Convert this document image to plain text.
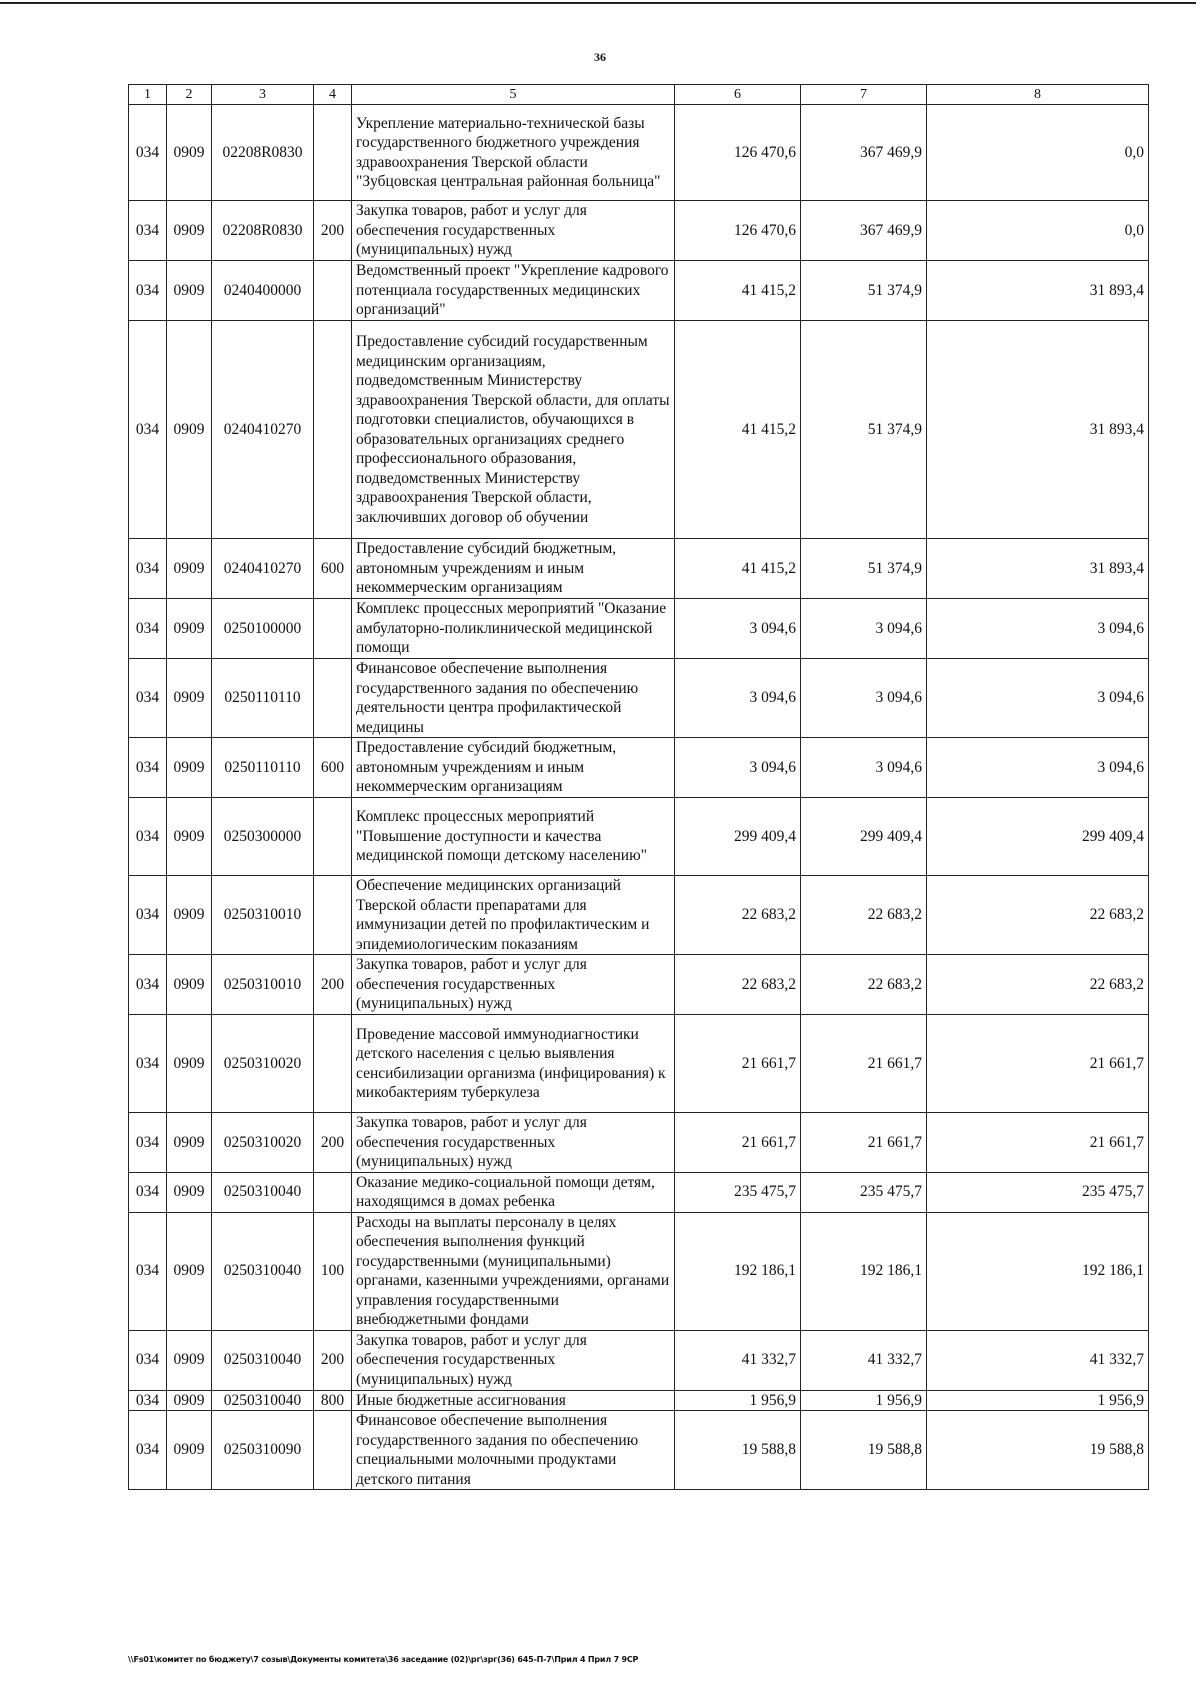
36
1	2	3	4	5	6	7	8
034	0909	02208R0830		Укрепление материально-технической базы государственного бюджетного учреждения здравоохранения Тверской области "Зубцовская центральная районная больница"	126 470,6	367 469,9	0,0
034	0909	02208R0830	200	Закупка товаров, работ и услуг для обеспечения государственных (муниципальных) нужд	126 470,6	367 469,9	0,0
034	0909	0240400000		Ведомственный проект "Укрепление кадрового потенциала государственных медицинских организаций"	41 415,2	51 374,9	31 893,4
034	0909	0240410270		Предоставление субсидий государственным медицинским организациям, подведомственным Министерству здравоохранения Тверской области, для оплаты подготовки специалистов, обучающихся в образовательных организациях среднего профессионального образования, подведомственных Министерству здравоохранения Тверской области, заключивших договор об обучении	41 415,2	51 374,9	31 893,4
034	0909	0240410270	600	Предоставление субсидий бюджетным, автономным учреждениям и иным некоммерческим организациям	41 415,2	51 374,9	31 893,4
034	0909	0250100000		Комплекс процессных мероприятий "Оказание амбулаторно-поликлинической медицинской помощи	3 094,6	3 094,6	3 094,6
034	0909	0250110110		Финансовое обеспечение выполнения государственного задания по обеспечению деятельности центра профилактической медицины	3 094,6	3 094,6	3 094,6
034	0909	0250110110	600	Предоставление субсидий бюджетным, автономным учреждениям и иным некоммерческим организациям	3 094,6	3 094,6	3 094,6
034	0909	0250300000		Комплекс процессных мероприятий "Повышение доступности и качества медицинской помощи детскому населению"	299 409,4	299 409,4	299 409,4
034	0909	0250310010		Обеспечение медицинских организаций Тверской области препаратами для иммунизации детей по профилактическим и эпидемиологическим показаниям	22 683,2	22 683,2	22 683,2
034	0909	0250310010	200	Закупка товаров, работ и услуг для обеспечения государственных (муниципальных) нужд	22 683,2	22 683,2	22 683,2
034	0909	0250310020		Проведение массовой иммунодиагностики детского населения с целью выявления сенсибилизации организма (инфицирования) к микобактериям туберкулеза	21 661,7	21 661,7	21 661,7
034	0909	0250310020	200	Закупка товаров, работ и услуг для обеспечения государственных (муниципальных) нужд	21 661,7	21 661,7	21 661,7
034	0909	0250310040		Оказание медико-социальной помощи детям, находящимся в домах ребенка	235 475,7	235 475,7	235 475,7
034	0909	0250310040	100	Расходы на выплаты персоналу в целях обеспечения выполнения функций государственными (муниципальными) органами, казенными учреждениями, органами управления государственными внебюджетными фондами	192 186,1	192 186,1	192 186,1
034	0909	0250310040	200	Закупка товаров, работ и услуг для обеспечения государственных (муниципальных) нужд	41 332,7	41 332,7	41 332,7
034	0909	0250310040	800	Иные бюджетные ассигнования	1 956,9	1 956,9	1 956,9
034	0909	0250310090		Финансовое обеспечение выполнения государственного задания по обеспечению специальными молочными продуктами детского питания	19 588,8	19 588,8	19 588,8
\\Fs01\комитет по бюджету\7 созыв\Документы комитета\36 заседание (02)\рг\зрг(36) 645-П-7\Прил 4 Прил 7 9СР
